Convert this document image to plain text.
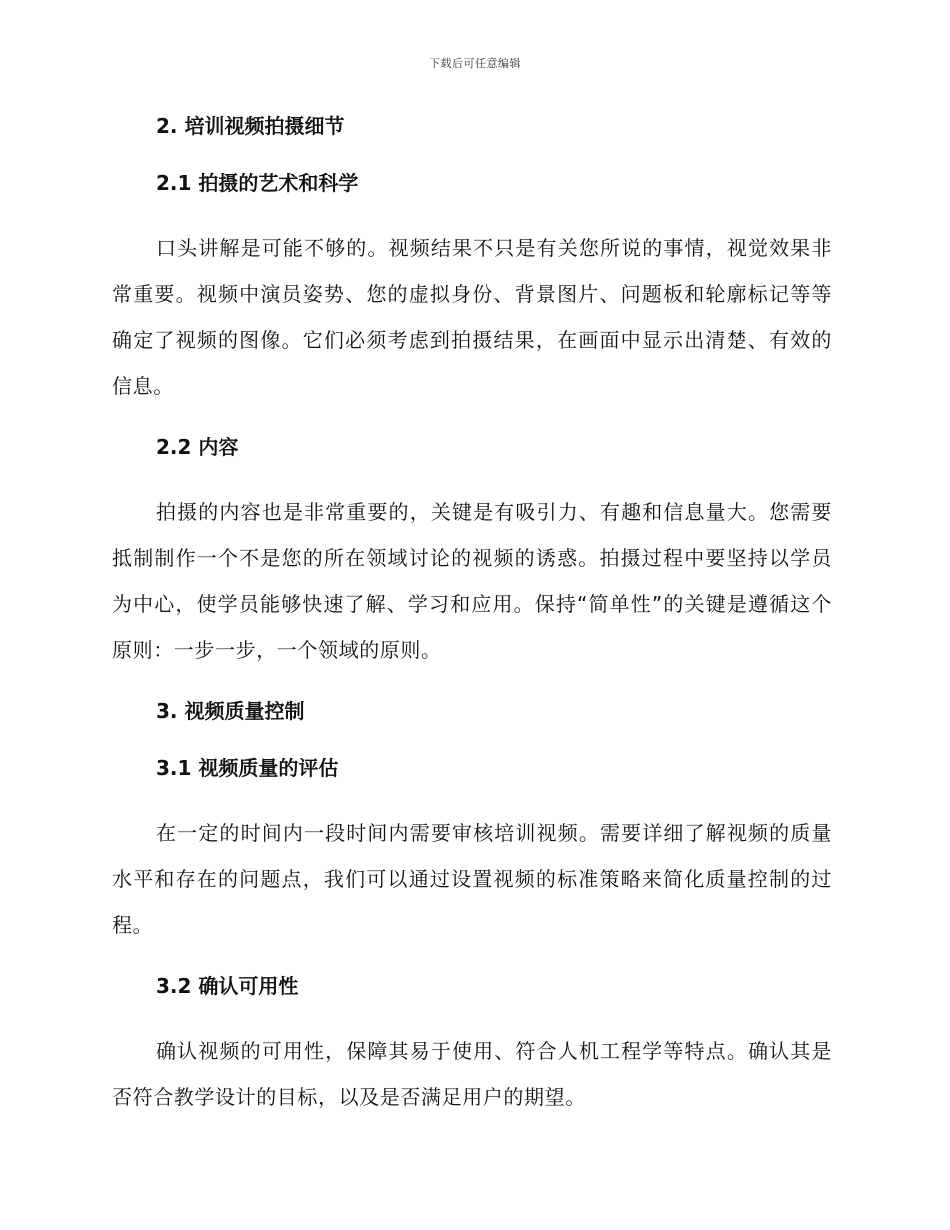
下载后可任意编辑
2. 培训视频拍摄细节
2.1 拍摄的艺术和科学

口头讲解是可能不够的。视频结果不只是有关您所说的事情，视觉效果非常重要。视频中演员姿势、您的虚拟身份、背景图片、问题板和轮廓标记等等确定了视频的图像。它们必须考虑到拍摄结果，在画面中显示出清楚、有效的信息。

2.2 内容

拍摄的内容也是非常重要的，关键是有吸引力、有趣和信息量大。您需要抵制制作一个不是您的所在领域讨论的视频的诱惑。拍摄过程中要坚持以学员为中心，使学员能够快速了解、学习和应用。保持“简单性”的关键是遵循这个原则：一步一步，一个领域的原则。

3. 视频质量控制
3.1 视频质量的评估

在一定的时间内一段时间内需要审核培训视频。需要详细了解视频的质量水平和存在的问题点，我们可以通过设置视频的标准策略来简化质量控制的过程。

3.2 确认可用性

确认视频的可用性，保障其易于使用、符合人机工程学等特点。确认其是否符合教学设计的目标，以及是否满足用户的期望。
